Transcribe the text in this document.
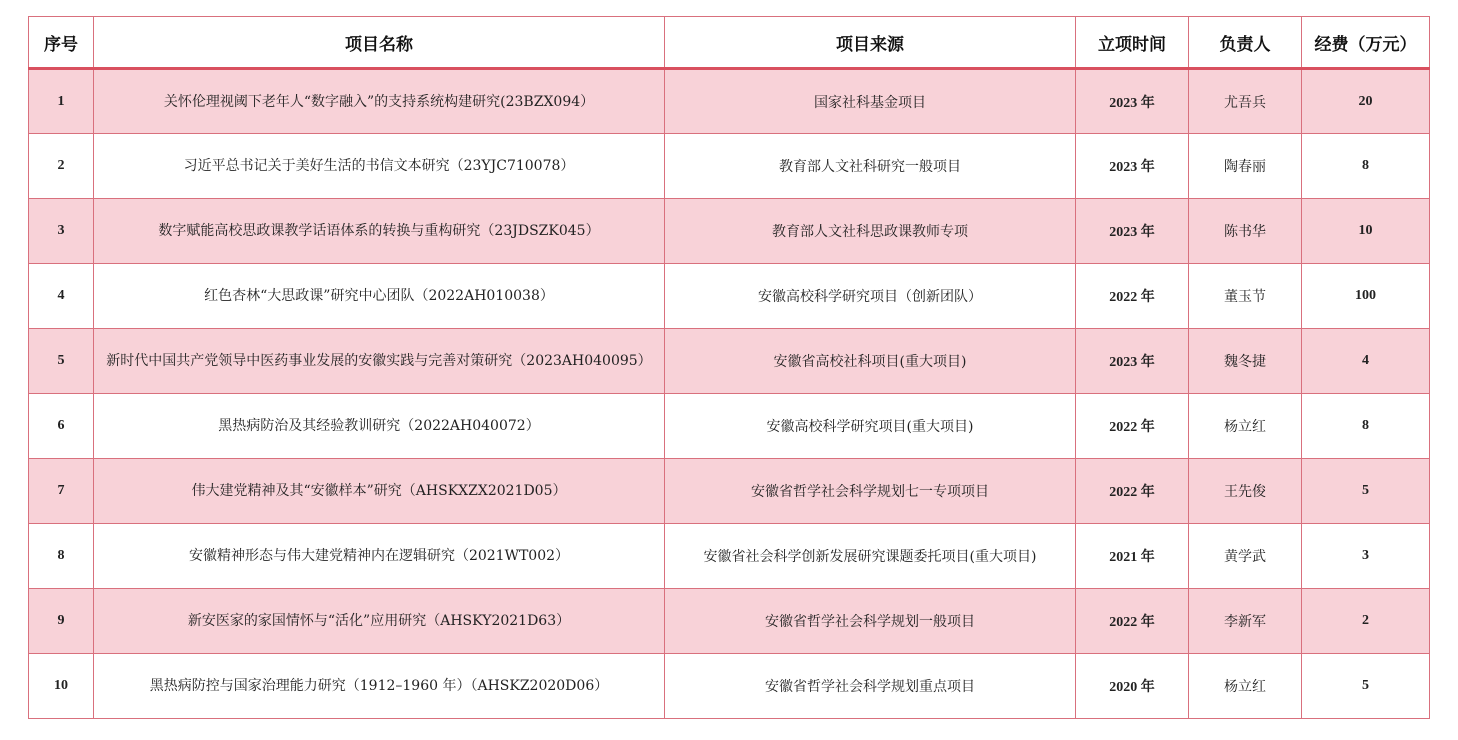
序号	项目名称	项目来源	立项时间	负责人	经费（万元）
1	关怀伦理视阈下老年人“数字融入”的支持系统构建研究(23BZX094）	国家社科基金项目	2023 年	尤吾兵	20
2	习近平总书记关于美好生活的书信文本研究（23YJC710078）	教育部人文社科研究一般项目	2023 年	陶春丽	8
3	数字赋能高校思政课教学话语体系的转换与重构研究（23JDSZK045）	教育部人文社科思政课教师专项	2023 年	陈书华	10
4	红色杏林“大思政课”研究中心团队（2022AH010038）	安徽高校科学研究项目（创新团队）	2022 年	董玉节	100
5	新时代中国共产党领导中医药事业发展的安徽实践与完善对策研究（2023AH040095）	安徽省高校社科项目(重大项目)	2023 年	魏冬捷	4
6	黑热病防治及其经验教训研究（2022AH040072）	安徽高校科学研究项目(重大项目)	2022 年	杨立红	8
7	伟大建党精神及其“安徽样本”研究（AHSKXZX2021D05）	安徽省哲学社会科学规划七一专项项目	2022 年	王先俊	5
8	安徽精神形态与伟大建党精神内在逻辑研究（2021WT002）	安徽省社会科学创新发展研究课题委托项目(重大项目)	2021 年	黄学武	3
9	新安医家的家国情怀与“活化”应用研究（AHSKY2021D63）	安徽省哲学社会科学规划一般项目	2022 年	李新军	2
10	黑热病防控与国家治理能力研究（1912–1960 年）（AHSKZ2020D06）	安徽省哲学社会科学规划重点项目	2020 年	杨立红	5
